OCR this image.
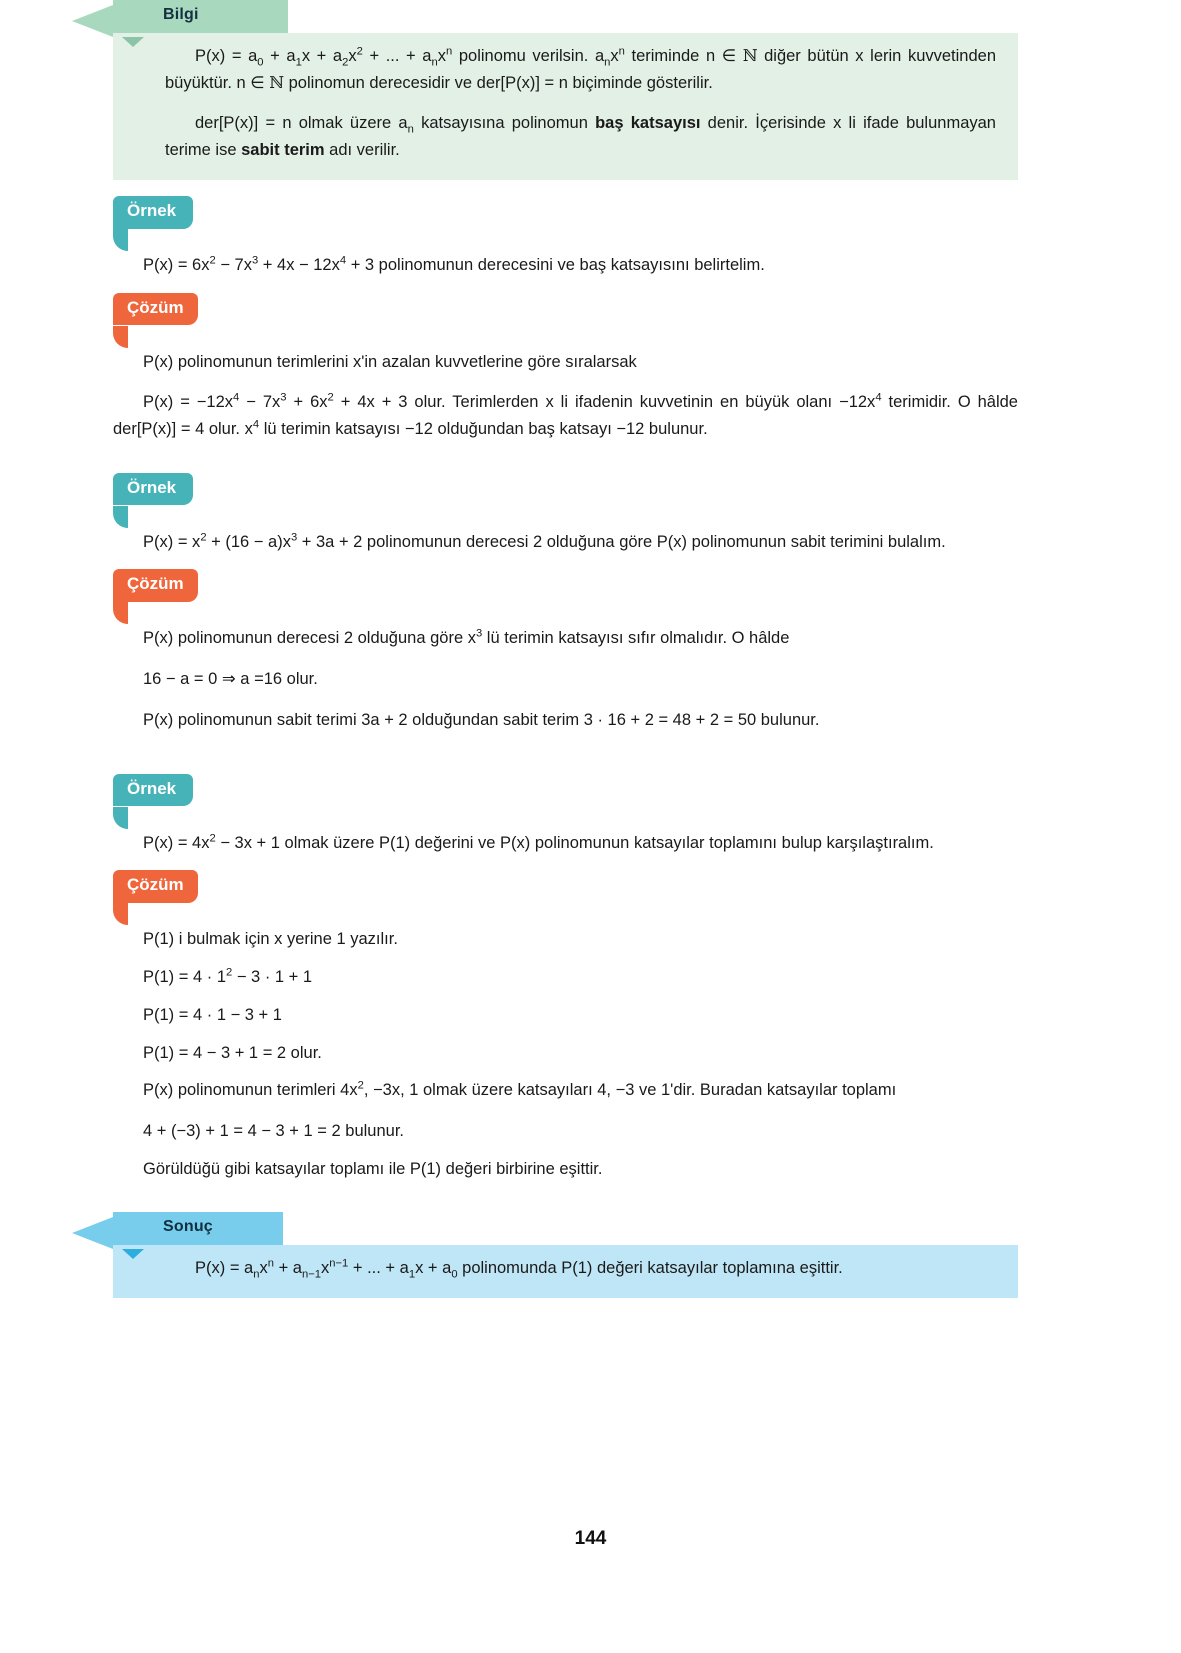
Bilgi

$P(x) = a_0 + a_1x + a_2x^2$ + ... + $a_nx^n$ polinomu verilsin. $a_nx^n$ teriminde n ∈ ℕ diğer bütün x lerin kuvvetinden büyüktür. n ∈ ℕ polinomun derecesidir ve der[P(x)] = n biçiminde gösterilir.

der[P(x)] = n olmak üzere $a_n$ katsayısına polinomun baş katsayısı denir. İçerisinde x li ifade bulunmayan terime ise sabit terim adı verilir.

Örnek

$P(x) = 6x^2 - 7x^3 + 4x - 12x^4 + 3$ polinomunun derecesini ve baş katsayısını belirtelim.

Çözüm

P(x) polinomunun terimlerini x'in azalan kuvvetlerine göre sıralarsak

$P(x) = -12x^4 - 7x^3 + 6x^2 + 4x + 3$ olur. Terimlerden x li ifadenin kuvvetinin en büyük olanı $-12x^4$ terimidir. O hâlde der[P(x)] = 4 olur. $x^4$ lü terimin katsayısı −12 olduğundan baş katsayı −12 bulunur.

Örnek

$P(x) = x^2 + (16 - a)x^3 + 3a + 2$ polinomunun derecesi 2 olduğuna göre P(x) polinomunun sabit terimini bulalım.

Çözüm

P(x) polinomunun derecesi 2 olduğuna göre $x^3$ lü terimin katsayısı sıfır olmalıdır. O hâlde

16 − a = 0 ⇒ a =16 olur.

P(x) polinomunun sabit terimi 3a + 2 olduğundan sabit terim 3 · 16 + 2 = 48 + 2 = 50 bulunur.

Örnek

$P(x) = 4x^2 - 3x + 1$ olmak üzere P(1) değerini ve P(x) polinomunun katsayılar toplamını bulup karşılaştıralım.

Çözüm

P(1) i bulmak için x yerine 1 yazılır.

$P(1) = 4 \cdot 1^2 - 3 \cdot 1 + 1$

P(1) = 4 · 1 − 3 + 1

P(1) = 4 − 3 + 1 = 2 olur.

P(x) polinomunun terimleri $4x^2$, −3x, 1 olmak üzere katsayıları 4, −3 ve 1'dir. Buradan katsayılar toplamı

4 + (−3) + 1 = 4 − 3 + 1 = 2 bulunur.

Görüldüğü gibi katsayılar toplamı ile P(1) değeri birbirine eşittir.

Sonuç

$P(x) = a_nx^n + a_{n-1}x^{n-1}$ + ... + $a_1x + a_0$ polinomunda P(1) değeri katsayılar toplamına eşittir.

144
